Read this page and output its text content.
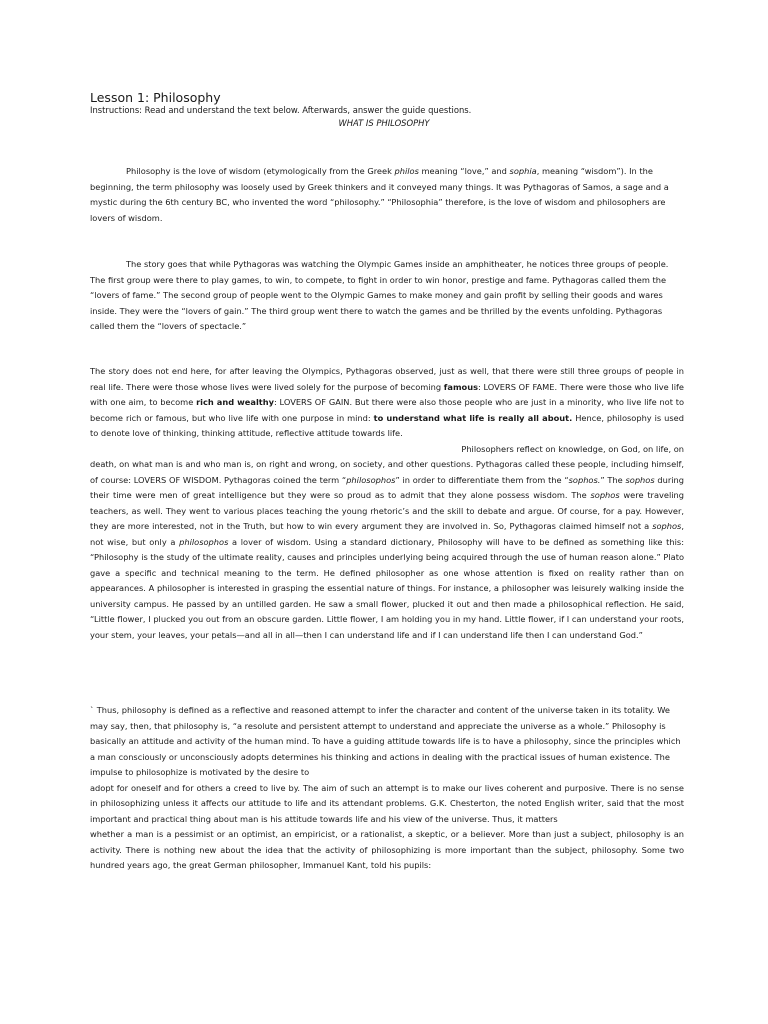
Lesson 1: Philosophy

Instructions: Read and understand the text below. Afterwards, answer the guide questions.

WHAT IS PHILOSOPHY

Philosophy is the love of wisdom (etymologically from the Greek philos meaning “love,” and sophia, meaning “wisdom”). In the beginning, the term philosophy was loosely used by Greek thinkers and it conveyed many things. It was Pythagoras of Samos, a sage and a mystic during the 6th century BC, who invented the word “philosophy.” “Philosophia” therefore, is the love of wisdom and philosophers are lovers of wisdom.

The story goes that while Pythagoras was watching the Olympic Games inside an amphitheater, he notices three groups of people. The first group were there to play games, to win, to compete, to fight in order to win honor, prestige and fame. Pythagoras called them the “lovers of fame.” The second group of people went to the Olympic Games to make money and gain profit by selling their goods and wares inside. They were the “lovers of gain.” The third group went there to watch the games and be thrilled by the events unfolding. Pythagoras called them the “lovers of spectacle.”

The story does not end here, for after leaving the Olympics, Pythagoras observed, just as well, that there were still three groups of people in real life. There were those whose lives were lived solely for the purpose of becoming famous: LOVERS OF FAME. There were those who live life with one aim, to become rich and wealthy: LOVERS OF GAIN. But there were also those people who are just in a minority, who live life not to become rich or famous, but who live life with one purpose in mind: to understand what life is really all about. Hence, philosophy is used to denote love of thinking, thinking attitude, reflective attitude towards life.
Philosophers reflect on knowledge, on God, on life, on
death, on what man is and who man is, on right and wrong, on society, and other questions. Pythagoras called these people, including himself, of course: LOVERS OF WISDOM. Pythagoras coined the term “philosophos” in order to differentiate them from the “sophos.” The sophos during their time were men of great intelligence but they were so proud as to admit that they alone possess wisdom. The sophos were traveling teachers, as well. They went to various places teaching the young rhetoric’s and the skill to debate and argue. Of course, for a pay. However, they are more interested, not in the Truth, but how to win every argument they are involved in. So, Pythagoras claimed himself not a sophos, not wise, but only a philosophos a lover of wisdom. Using a standard dictionary, Philosophy will have to be defined as something like this: “Philosophy is the study of the ultimate reality, causes and principles underlying being acquired through the use of human reason alone.” Plato gave a specific and technical meaning to the term. He defined philosopher as one whose attention is fixed on reality rather than on appearances. A philosopher is interested in grasping the essential nature of things. For instance, a philosopher was leisurely walking inside the university campus. He passed by an untilled garden. He saw a small flower, plucked it out and then made a philosophical reflection. He said, “Little flower, I plucked you out from an obscure garden. Little flower, I am holding you in my hand. Little flower, if I can understand your roots, your stem, your leaves, your petals—and all in all—then I can understand life and if I can understand life then I can understand God.”

` Thus, philosophy is defined as a reflective and reasoned attempt to infer the character and content of the universe taken in its totality. We may say, then, that philosophy is, “a resolute and persistent attempt to understand and appreciate the universe as a whole.” Philosophy is basically an attitude and activity of the human mind. To have a guiding attitude towards life is to have a philosophy, since the principles which a man consciously or unconsciously adopts determines his thinking and actions in dealing with the practical issues of human existence. The impulse to philosophize is motivated by the desire to

adopt for oneself and for others a creed to live by. The aim of such an attempt is to make our lives coherent and purposive. There is no sense in philosophizing unless it affects our attitude to life and its attendant problems. G.K. Chesterton, the noted English writer, said that the most important and practical thing about man is his attitude towards life and his view of the universe. Thus, it matters
whether a man is a pessimist or an optimist, an empiricist, or a rationalist, a skeptic, or a believer. More than just a subject, philosophy is an activity. There is nothing new about the idea that the activity of philosophizing is more important than the subject, philosophy. Some two hundred years ago, the great German philosopher, Immanuel Kant, told his pupils:
